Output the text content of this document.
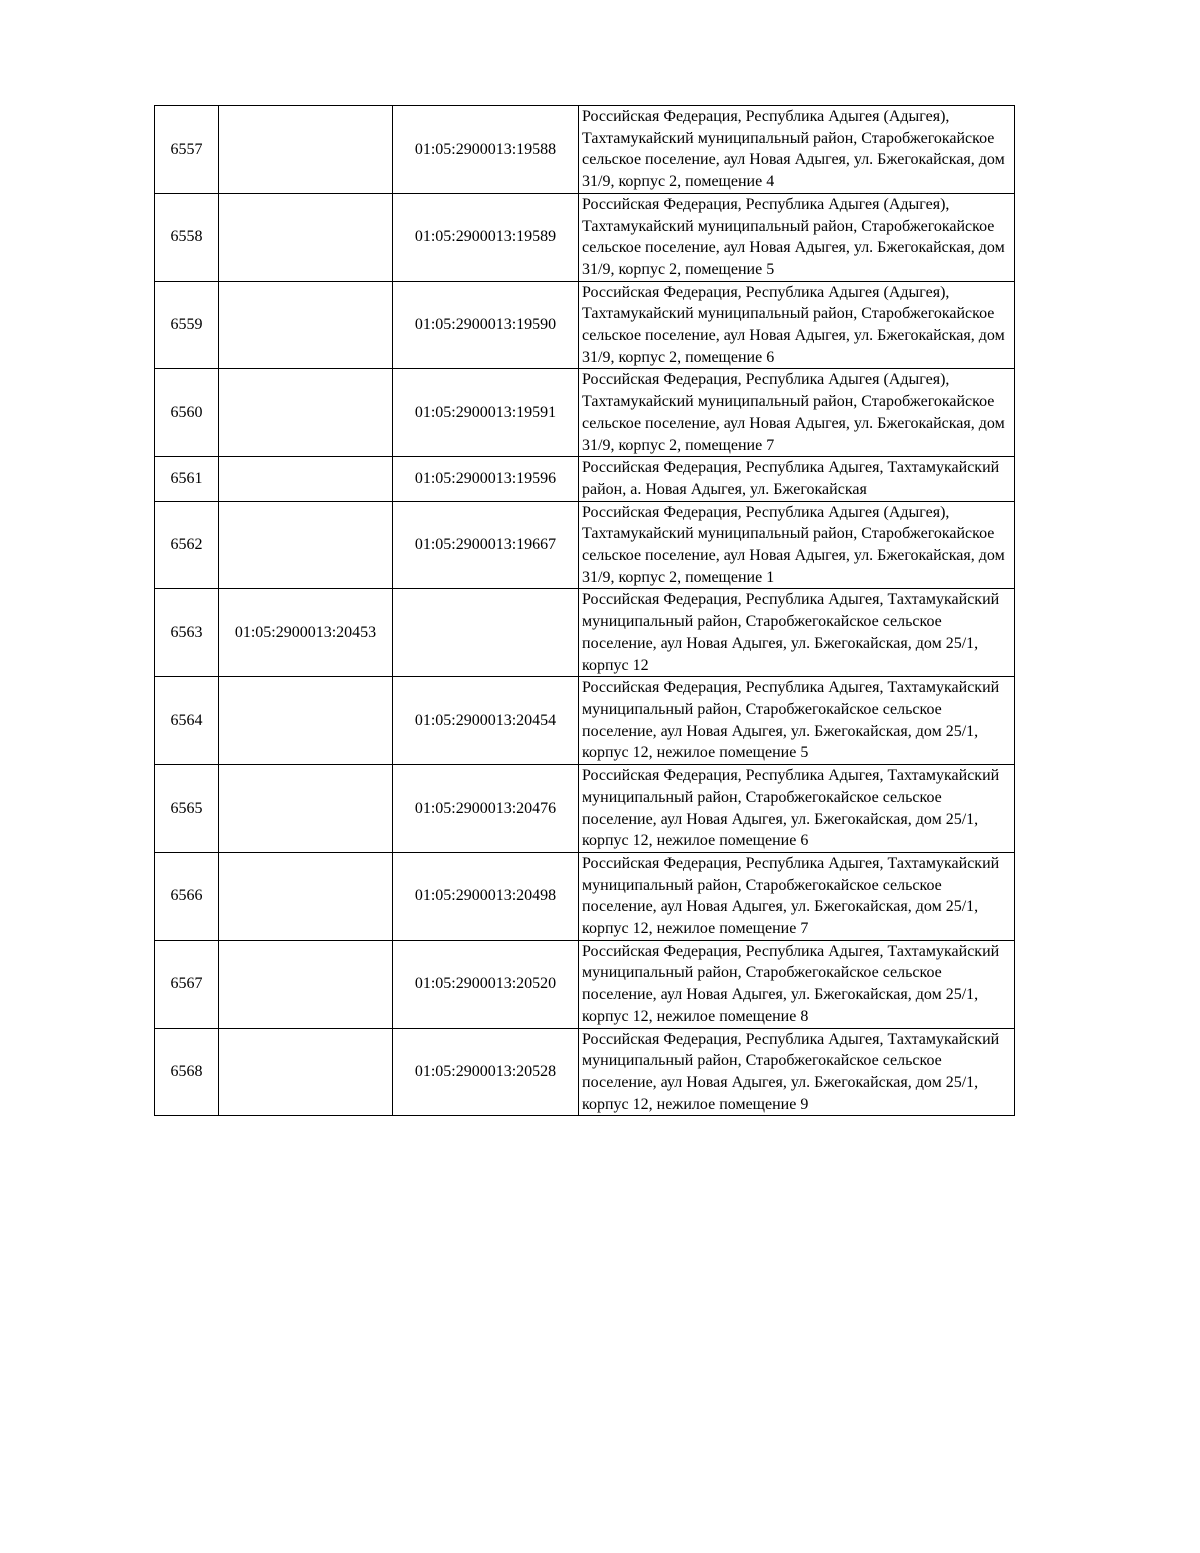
6557		01:05:2900013:19588	Российская Федерация, Республика Адыгея (Адыгея), Тахтамукайский муниципальный район, Старобжегокайское сельское поселение, аул Новая Адыгея, ул. Бжегокайская, дом 31/9, корпус 2, помещение 4
6558		01:05:2900013:19589	Российская Федерация, Республика Адыгея (Адыгея), Тахтамукайский муниципальный район, Старобжегокайское сельское поселение, аул Новая Адыгея, ул. Бжегокайская, дом 31/9, корпус 2, помещение 5
6559		01:05:2900013:19590	Российская Федерация, Республика Адыгея (Адыгея), Тахтамукайский муниципальный район, Старобжегокайское сельское поселение, аул Новая Адыгея, ул. Бжегокайская, дом 31/9, корпус 2, помещение 6
6560		01:05:2900013:19591	Российская Федерация, Республика Адыгея (Адыгея), Тахтамукайский муниципальный район, Старобжегокайское сельское поселение, аул Новая Адыгея, ул. Бжегокайская, дом 31/9, корпус 2, помещение 7
6561		01:05:2900013:19596	Российская Федерация, Республика Адыгея, Тахтамукайский район, а. Новая Адыгея, ул. Бжегокайская
6562		01:05:2900013:19667	Российская Федерация, Республика Адыгея (Адыгея), Тахтамукайский муниципальный район, Старобжегокайское сельское поселение, аул Новая Адыгея, ул. Бжегокайская, дом 31/9, корпус 2, помещение 1
6563	01:05:2900013:20453		Российская Федерация, Республика Адыгея, Тахтамукайский муниципальный район, Старобжегокайское сельское поселение, аул Новая Адыгея, ул. Бжегокайская, дом 25/1, корпус 12
6564		01:05:2900013:20454	Российская Федерация, Республика Адыгея, Тахтамукайский муниципальный район, Старобжегокайское сельское поселение, аул Новая Адыгея, ул. Бжегокайская, дом 25/1, корпус 12, нежилое помещение 5
6565		01:05:2900013:20476	Российская Федерация, Республика Адыгея, Тахтамукайский муниципальный район, Старобжегокайское сельское поселение, аул Новая Адыгея, ул. Бжегокайская, дом 25/1, корпус 12, нежилое помещение 6
6566		01:05:2900013:20498	Российская Федерация, Республика Адыгея, Тахтамукайский муниципальный район, Старобжегокайское сельское поселение, аул Новая Адыгея, ул. Бжегокайская, дом 25/1, корпус 12, нежилое помещение 7
6567		01:05:2900013:20520	Российская Федерация, Республика Адыгея, Тахтамукайский муниципальный район, Старобжегокайское сельское поселение, аул Новая Адыгея, ул. Бжегокайская, дом 25/1, корпус 12, нежилое помещение 8
6568		01:05:2900013:20528	Российская Федерация, Республика Адыгея, Тахтамукайский муниципальный район, Старобжегокайское сельское поселение, аул Новая Адыгея, ул. Бжегокайская, дом 25/1, корпус 12, нежилое помещение 9
